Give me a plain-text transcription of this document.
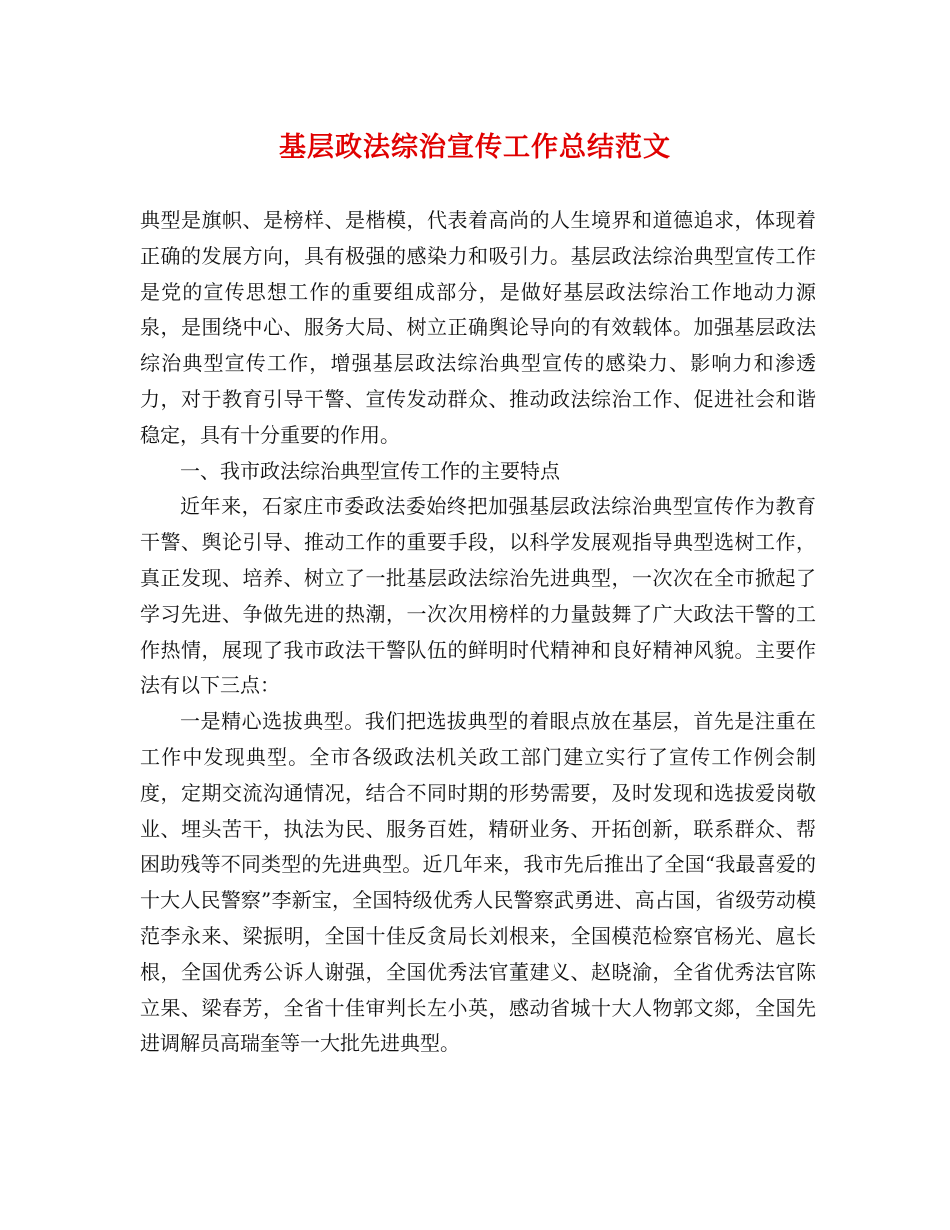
基层政法综治宣传工作总结范文

典型是旗帜、是榜样、是楷模，代表着高尚的人生境界和道德追求，体现着正确的发展方向，具有极强的感染力和吸引力。基层政法综治典型宣传工作是党的宣传思想工作的重要组成部分，是做好基层政法综治工作地动力源泉，是围绕中心、服务大局、树立正确舆论导向的有效载体。加强基层政法综治典型宣传工作，增强基层政法综治典型宣传的感染力、影响力和渗透力，对于教育引导干警、宣传发动群众、推动政法综治工作、促进社会和谐稳定，具有十分重要的作用。

一、我市政法综治典型宣传工作的主要特点

近年来，石家庄市委政法委始终把加强基层政法综治典型宣传作为教育干警、舆论引导、推动工作的重要手段，以科学发展观指导典型选树工作，真正发现、培养、树立了一批基层政法综治先进典型，一次次在全市掀起了学习先进、争做先进的热潮，一次次用榜样的力量鼓舞了广大政法干警的工作热情，展现了我市政法干警队伍的鲜明时代精神和良好精神风貌。主要作法有以下三点：

一是精心选拔典型。我们把选拔典型的着眼点放在基层，首先是注重在工作中发现典型。全市各级政法机关政工部门建立实行了宣传工作例会制度，定期交流沟通情况，结合不同时期的形势需要，及时发现和选拔爱岗敬业、埋头苦干，执法为民、服务百姓，精研业务、开拓创新，联系群众、帮困助残等不同类型的先进典型。近几年来，我市先后推出了全国“我最喜爱的十大人民警察”李新宝，全国特级优秀人民警察武勇进、高占国，省级劳动模范李永来、梁振明，全国十佳反贪局长刘根来，全国模范检察官杨光、扈长根，全国优秀公诉人谢强，全国优秀法官董建义、赵晓渝，全省优秀法官陈立果、梁春芳，全省十佳审判长左小英，感动省城十大人物郭文郯，全国先进调解员高瑞奎等一大批先进典型。
